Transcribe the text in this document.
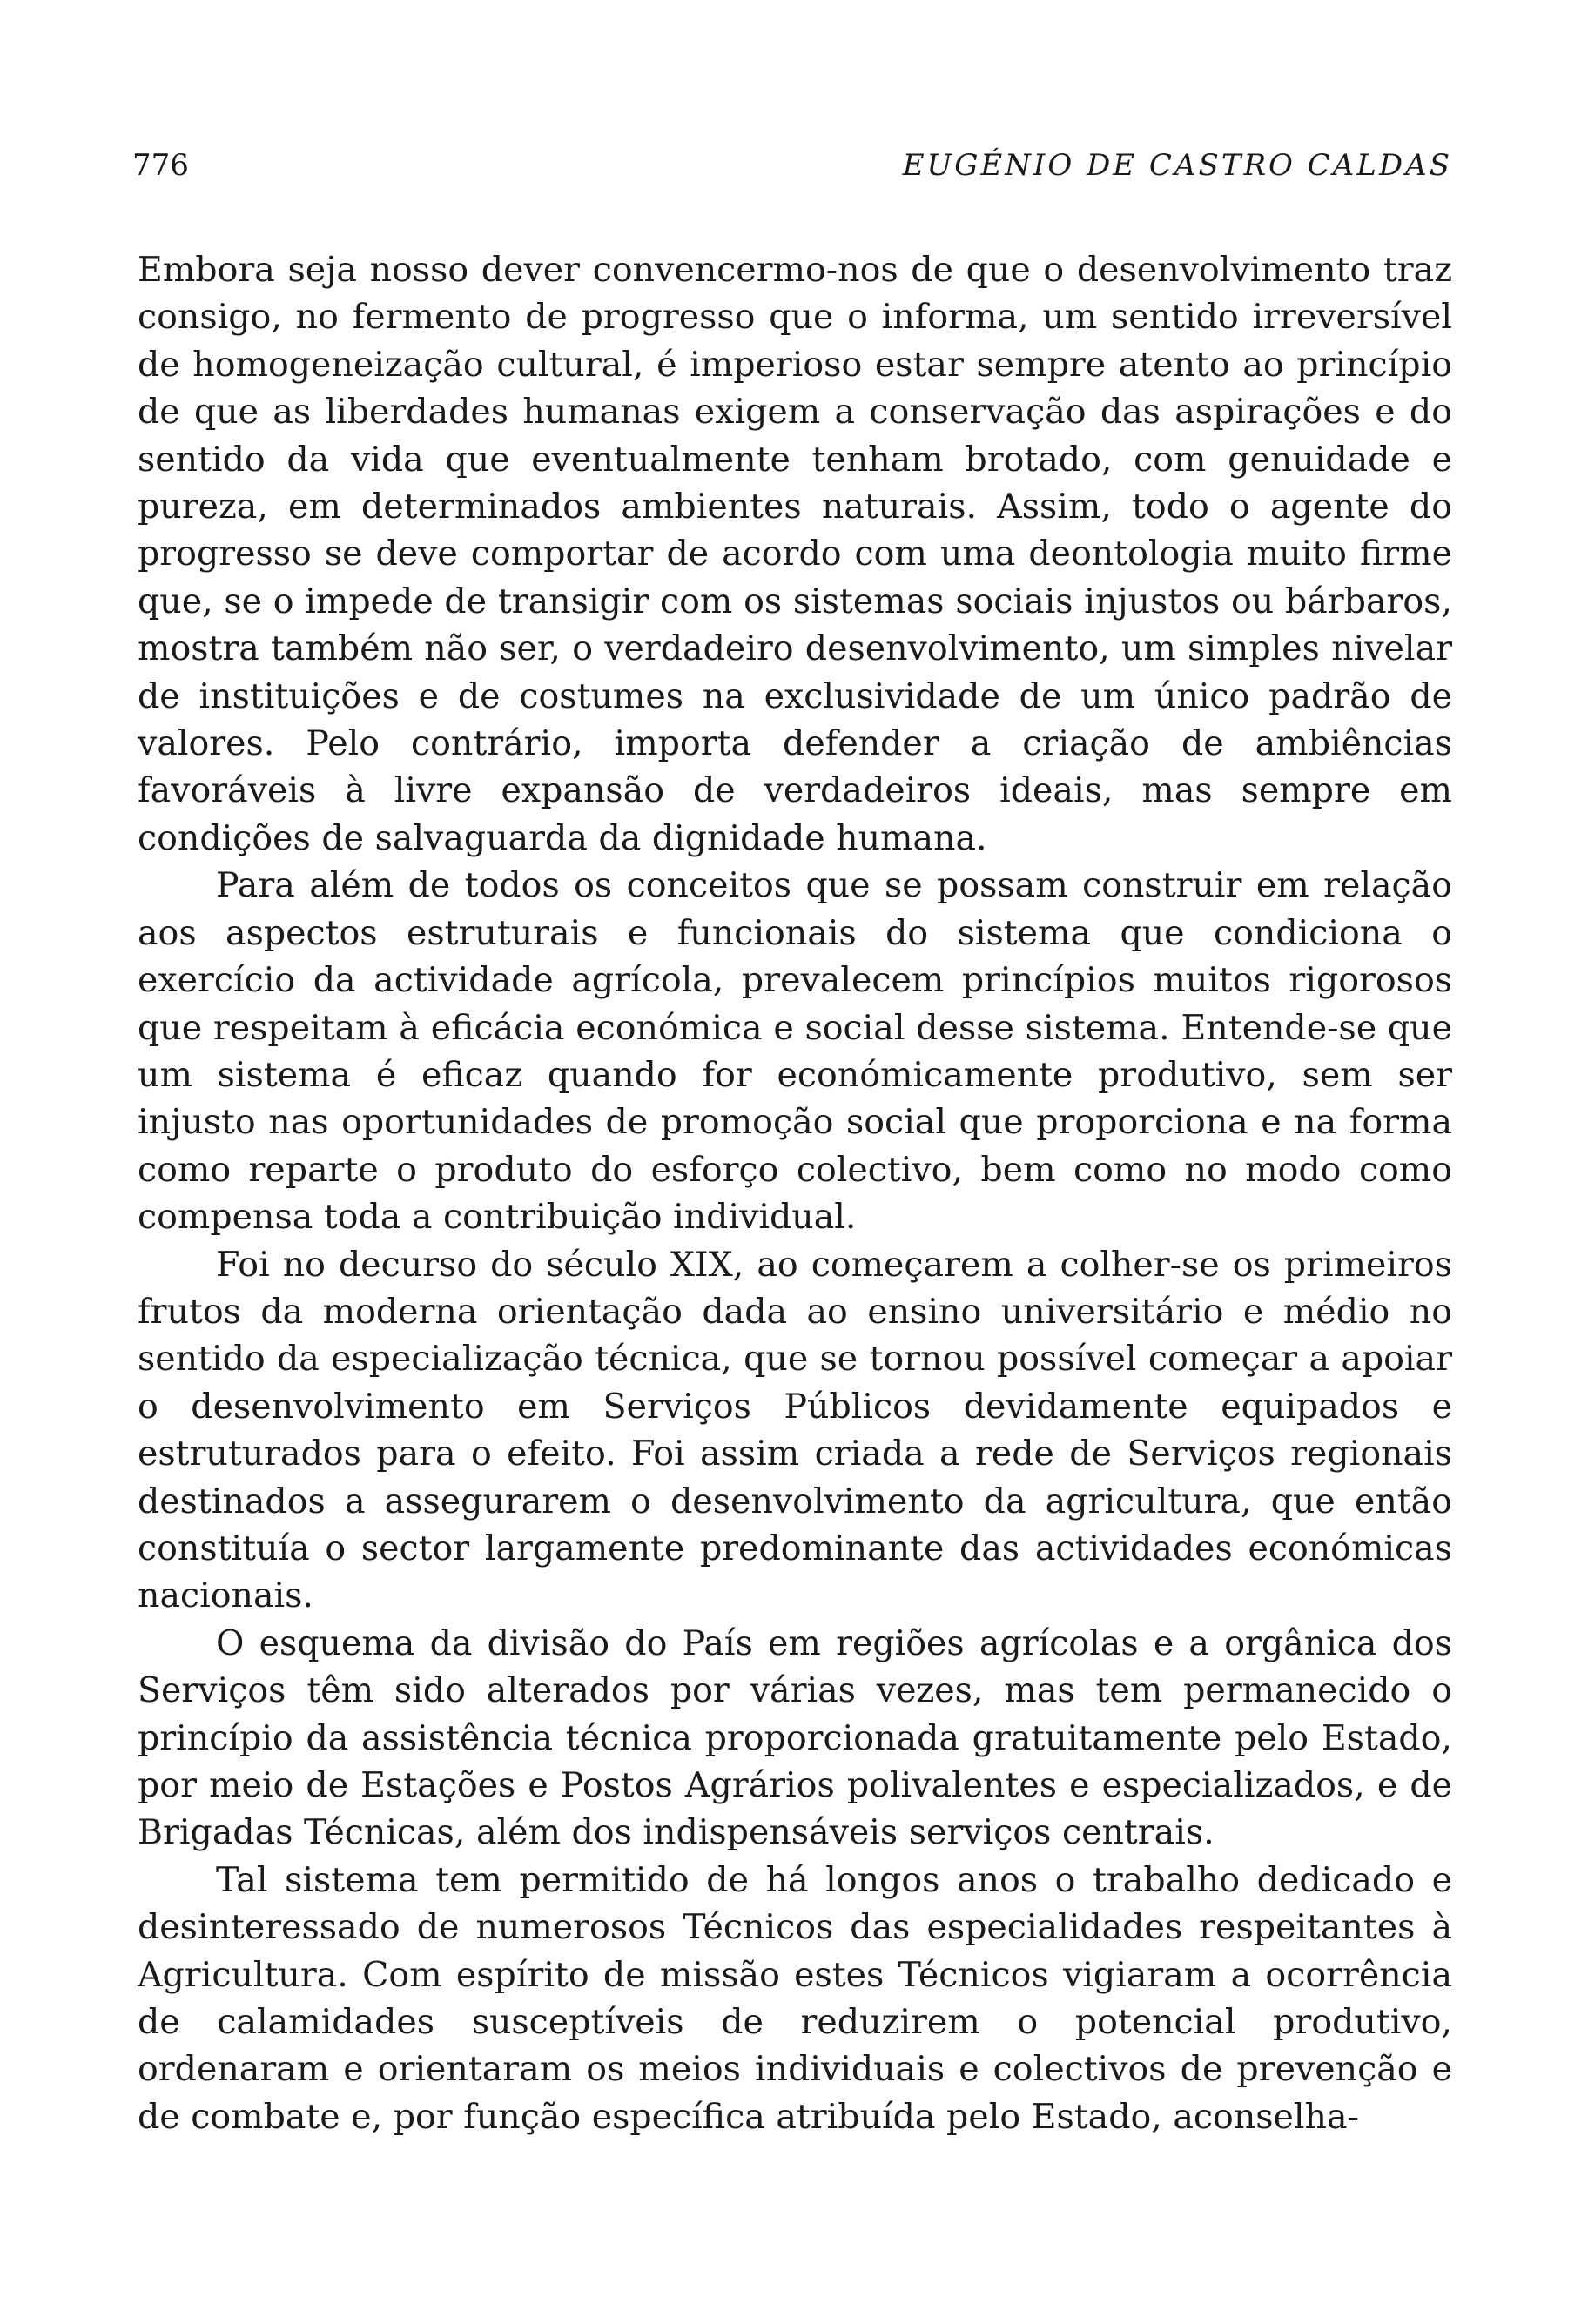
776	EUGÉNIO DE CASTRO CALDAS

Embora seja nosso dever convencermo-nos de que o desenvolvimento traz consigo, no fermento de progresso que o informa, um sentido irreversível de homogeneização cultural, é imperioso estar sempre atento ao princípio de que as liberdades humanas exigem a conservação das aspirações e do sentido da vida que eventualmente tenham brotado, com genuidade e pureza, em determinados ambientes naturais. Assim, todo o agente do progresso se deve comportar de acordo com uma deontologia muito firme que, se o impede de transigir com os sistemas sociais injustos ou bárbaros, mostra também não ser, o verdadeiro desenvolvimento, um simples nivelar de instituições e de costumes na exclusividade de um único padrão de valores. Pelo contrário, importa defender a criação de ambiências favoráveis à livre expansão de verdadeiros ideais, mas sempre em condições de salvaguarda da dignidade humana.

Para além de todos os conceitos que se possam construir em relação aos aspectos estruturais e funcionais do sistema que condiciona o exercício da actividade agrícola, prevalecem princípios muitos rigorosos que respeitam à eficácia económica e social desse sistema. Entende-se que um sistema é eficaz quando for económicamente produtivo, sem ser injusto nas oportunidades de promoção social que proporciona e na forma como reparte o produto do esforço colectivo, bem como no modo como compensa toda a contribuição individual.

Foi no decurso do século XIX, ao começarem a colher-se os primeiros frutos da moderna orientação dada ao ensino universitário e médio no sentido da especialização técnica, que se tornou possível começar a apoiar o desenvolvimento em Serviços Públicos devidamente equipados e estruturados para o efeito. Foi assim criada a rede de Serviços regionais destinados a assegurarem o desenvolvimento da agricultura, que então constituía o sector largamente predominante das actividades económicas nacionais.

O esquema da divisão do País em regiões agrícolas e a orgânica dos Serviços têm sido alterados por várias vezes, mas tem permanecido o princípio da assistência técnica proporcionada gratuitamente pelo Estado, por meio de Estações e Postos Agrários polivalentes e especializados, e de Brigadas Técnicas, além dos indispensáveis serviços centrais.

Tal sistema tem permitido de há longos anos o trabalho dedicado e desinteressado de numerosos Técnicos das especialidades respeitantes à Agricultura. Com espírito de missão estes Técnicos vigiaram a ocorrência de calamidades susceptíveis de reduzirem o potencial produtivo, ordenaram e orientaram os meios individuais e colectivos de prevenção e de combate e, por função específica atribuída pelo Estado, aconselha-
